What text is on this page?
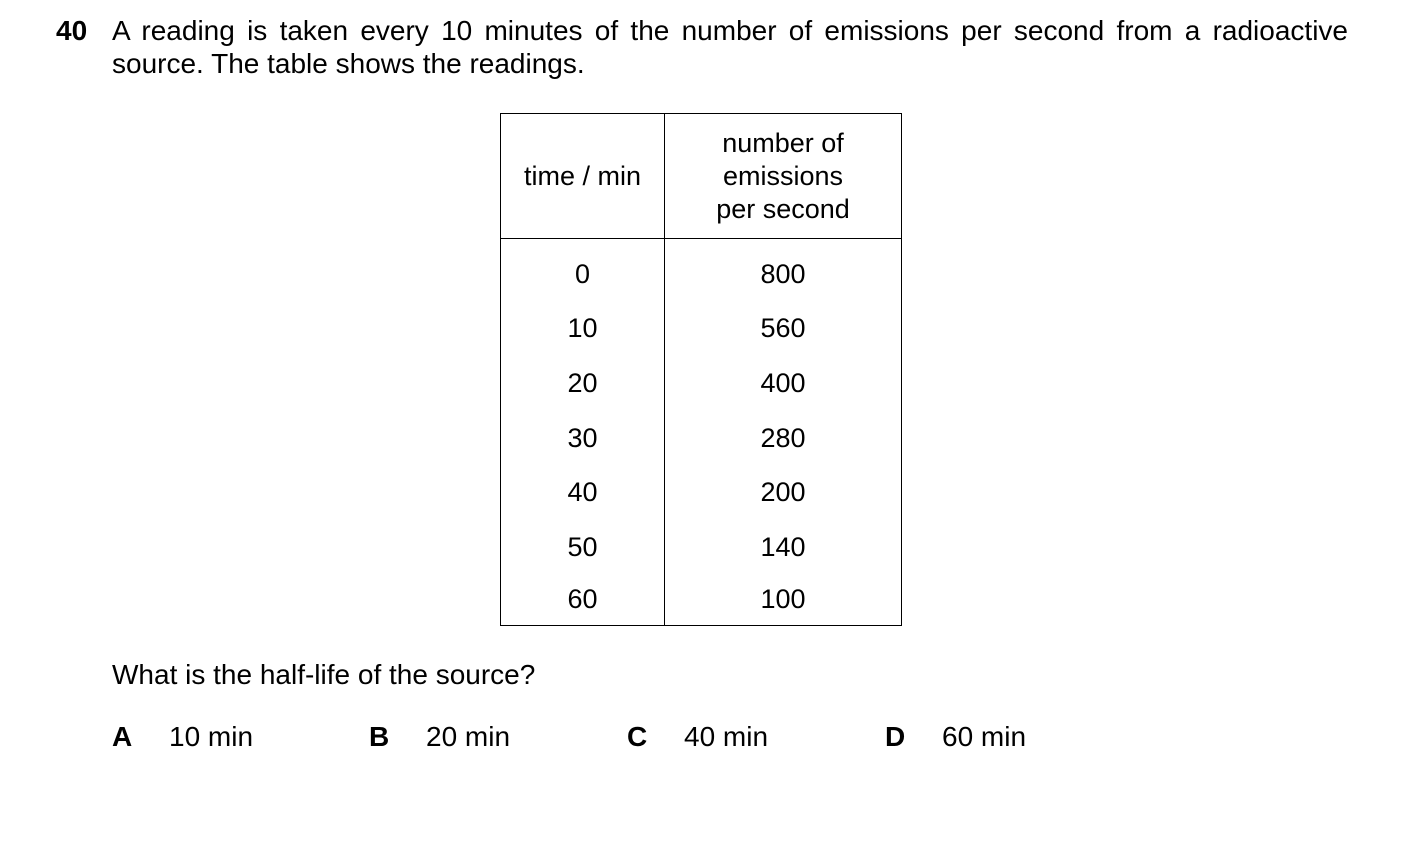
40 A reading is taken every 10 minutes of the number of emissions per second from a radioactive
source. The table shows the readings.
time / min	number of
emissions
per second
0	800
10	560
20	400
30	280
40	200
50	140
60	100
What is the half-life of the source?
A 10 min	B 20 min	C 40 min	D 60 min
